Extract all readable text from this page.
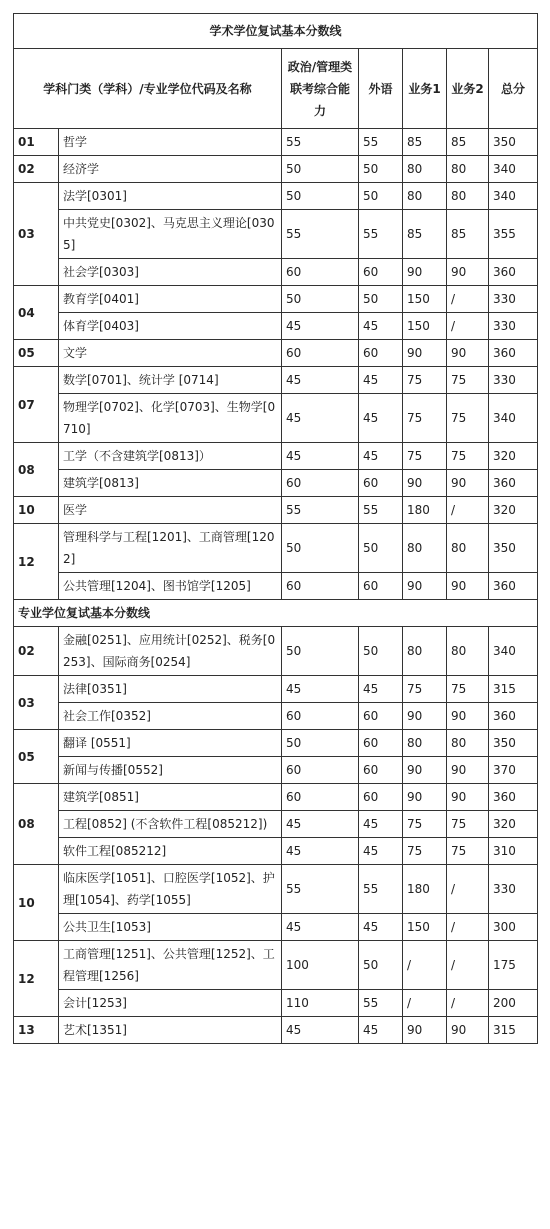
学术学位复试基本分数线						
学科门类（学科）/专业学位代码及名称		政治/管理类联考综合能力	外语	业务1	业务2	总分
01	哲学	55	55	85	85	350
02	经济学	50	50	80	80	340
03	法学[0301]	50	50	80	80	340
	中共党史[0302]、马克思主义理论[0305]	55	55	85	85	355
	社会学[0303]	60	60	90	90	360
04	教育学[0401]	50	50	150	/	330
	体育学[0403]	45	45	150	/	330
05	文学	60	60	90	90	360
07	数学[0701]、统计学 [0714]	45	45	75	75	330
	物理学[0702]、化学[0703]、生物学[0710]	45	45	75	75	340
08	工学（不含建筑学[0813]）	45	45	75	75	320
	建筑学[0813]	60	60	90	90	360
10	医学	55	55	180	/	320
12	管理科学与工程[1201]、工商管理[1202]	50	50	80	80	350
	公共管理[1204]、图书馆学[1205]	60	60	90	90	360
专业学位复试基本分数线						
02	金融[0251]、应用统计[0252]、税务[0253]、国际商务[0254]	50	50	80	80	340
03	法律[0351]	45	45	75	75	315
	社会工作[0352]	60	60	90	90	360
05	翻译 [0551]	50	60	80	80	350
	新闻与传播[0552]	60	60	90	90	370
08	建筑学[0851]	60	60	90	90	360
	工程[0852] (不含软件工程[085212])	45	45	75	75	320
	软件工程[085212]	45	45	75	75	310
10	临床医学[1051]、口腔医学[1052]、护理[1054]、药学[1055]	55	55	180	/	330
	公共卫生[1053]	45	45	150	/	300
12	工商管理[1251]、公共管理[1252]、工程管理[1256]	100	50	/	/	175
	会计[1253]	110	55	/	/	200
13	艺术[1351]	45	45	90	90	315
